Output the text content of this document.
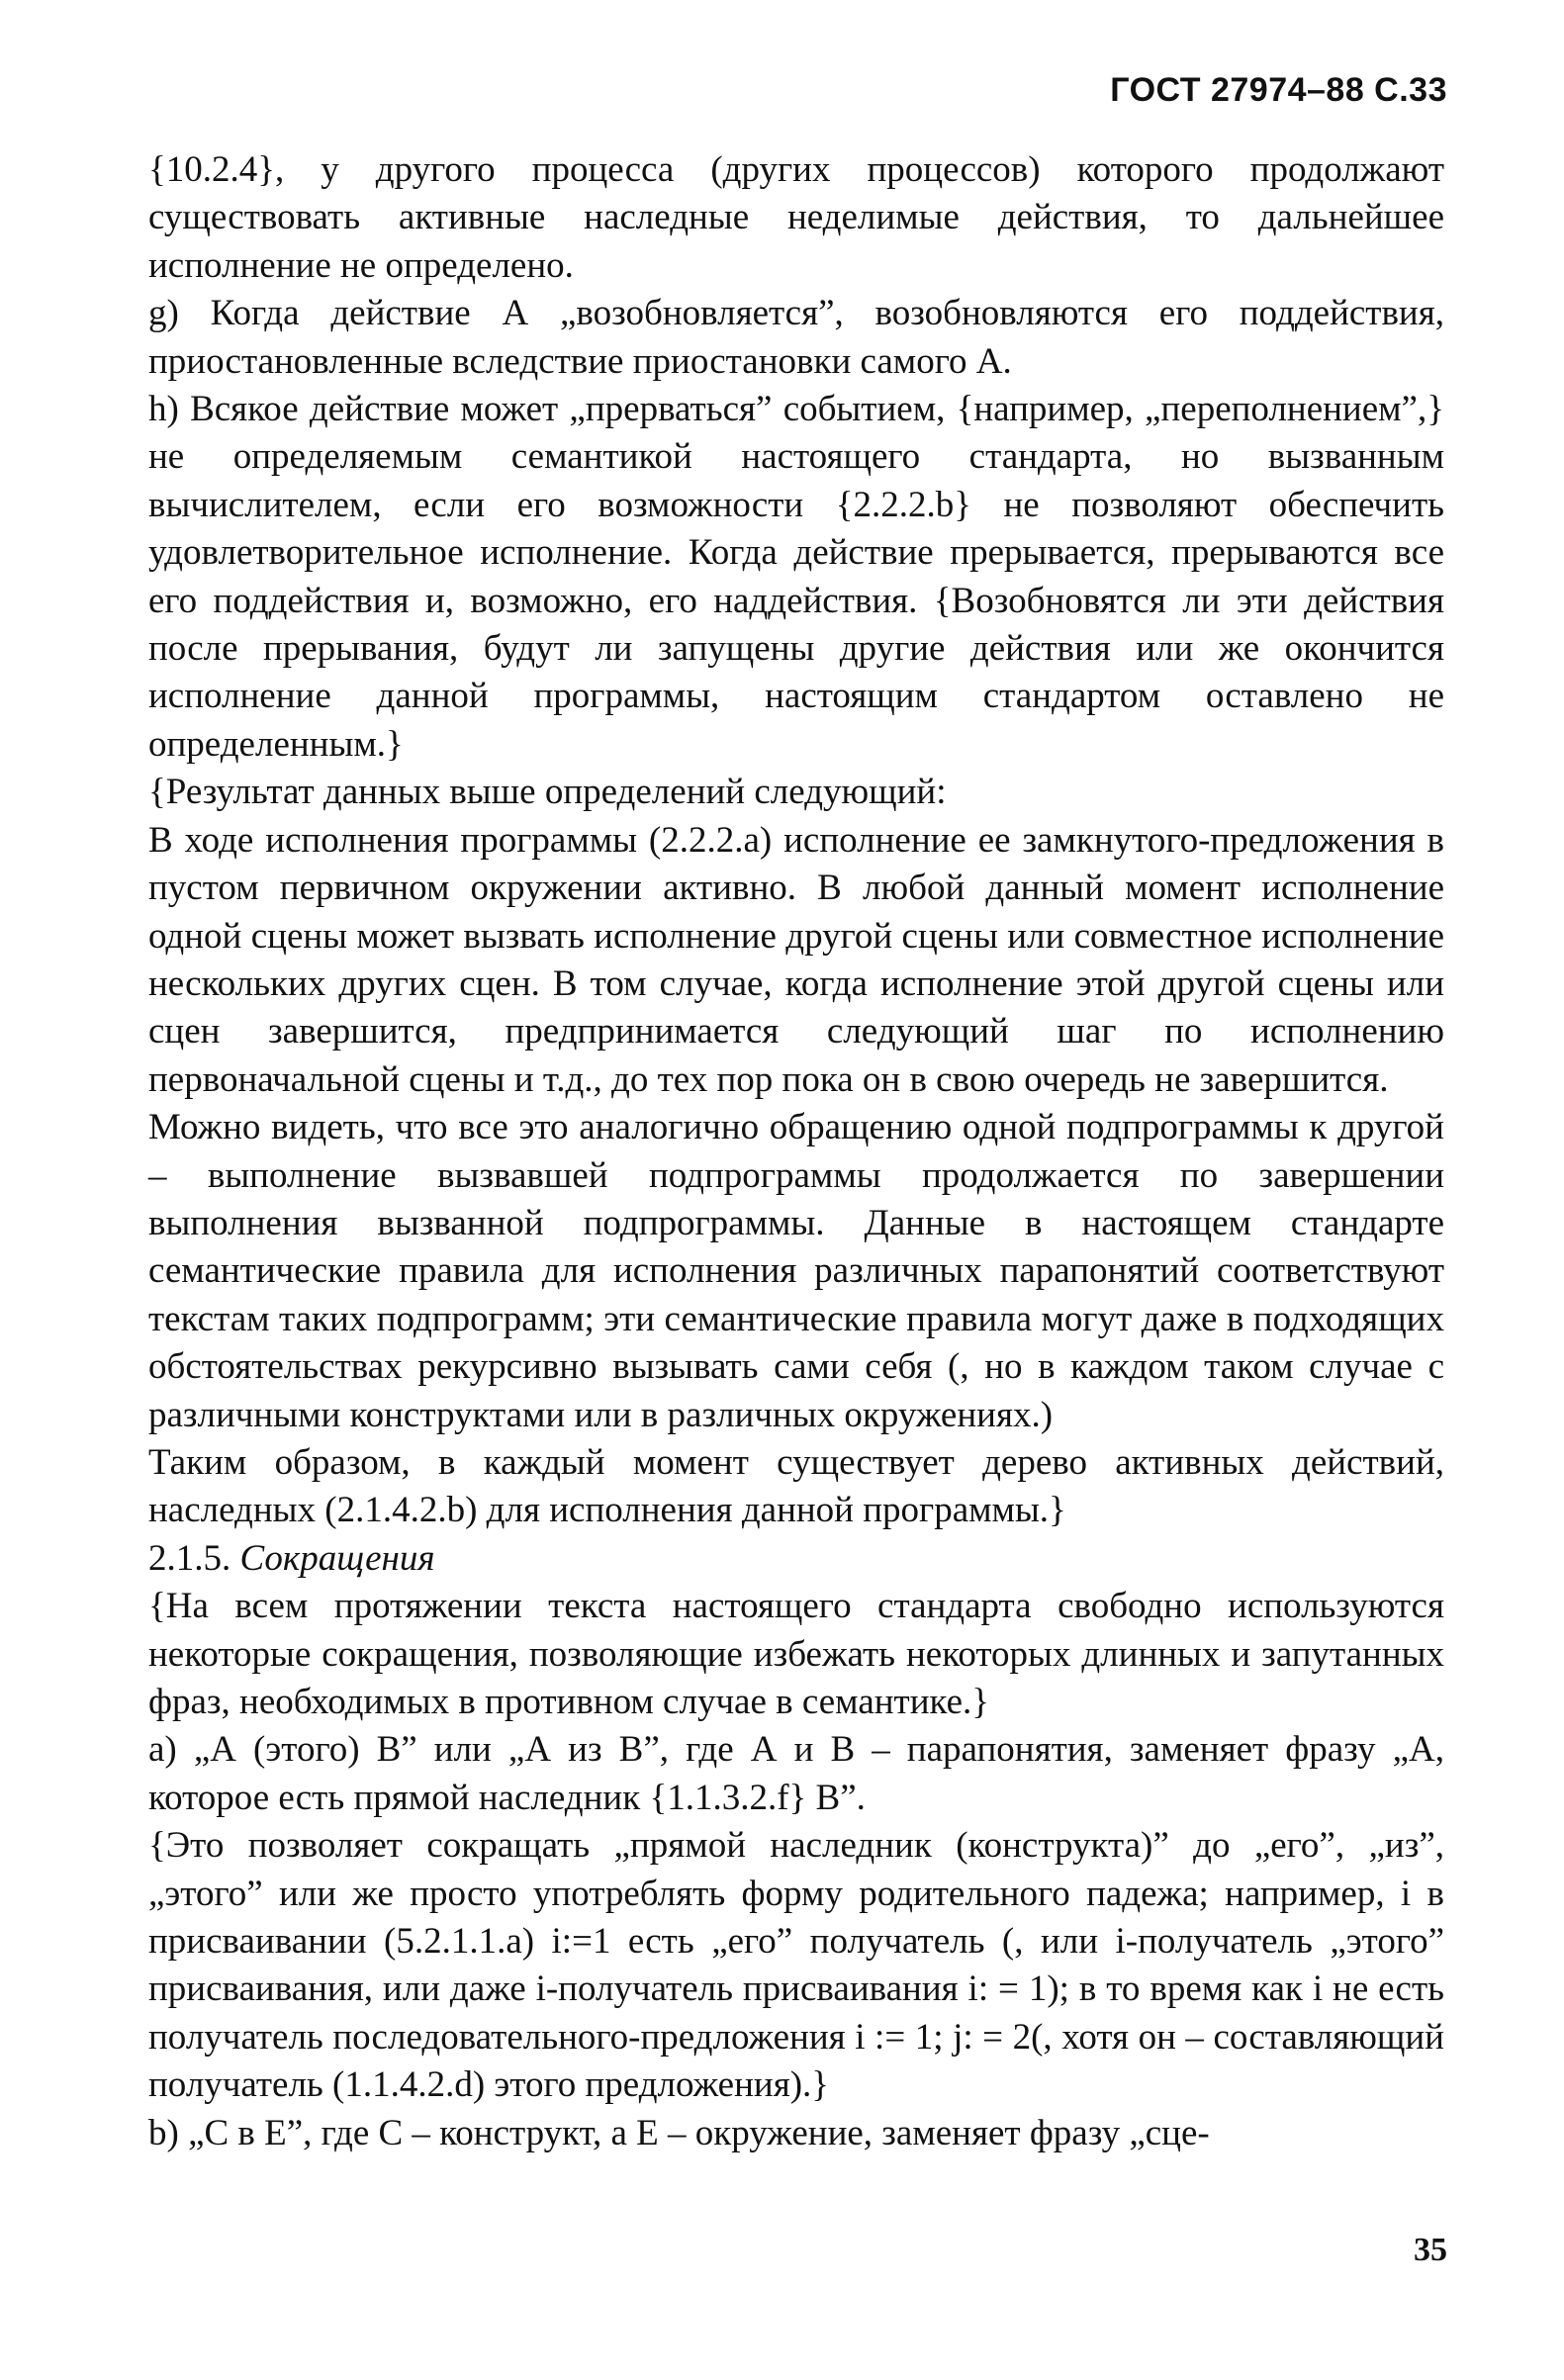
ГОСТ 27974–88 С.33

{10.2.4}, у другого процесса (других процессов) которого продолжают существовать активные наследные неделимые действия, то дальнейшее исполнение не определено.

g) Когда действие А „возобновляется”, возобновляются его поддействия, приостановленные вследствие приостановки самого А.

h) Всякое действие может „прерваться” событием, {например, „переполнением”,} не определяемым семантикой настоящего стандарта, но вызванным вычислителем, если его возможности {2.2.2.b} не позволяют обеспечить удовлетворительное исполнение. Когда действие прерывается, прерываются все его поддействия и, возможно, его наддействия. {Возобновятся ли эти действия после прерывания, будут ли запущены другие действия или же окончится исполнение данной программы, настоящим стандартом оставлено не определенным.}

{Результат данных выше определений следующий:

В ходе исполнения программы (2.2.2.a) исполнение ее замкнутого-предложения в пустом первичном окружении активно. В любой данный момент исполнение одной сцены может вызвать исполнение другой сцены или совместное исполнение нескольких других сцен. В том случае, когда исполнение этой другой сцены или сцен завершится, предпринимается следующий шаг по исполнению первоначальной сцены и т.д., до тех пор пока он в свою очередь не завершится.

Можно видеть, что все это аналогично обращению одной подпрограммы к другой – выполнение вызвавшей подпрограммы продолжается по завершении выполнения вызванной подпрограммы. Данные в настоящем стандарте семантические правила для исполнения различных парапонятий соответствуют текстам таких подпрограмм; эти семантические правила могут даже в подходящих обстоятельствах рекурсивно вызывать сами себя (, но в каждом таком случае с различными конструктами или в различных окружениях.)

Таким образом, в каждый момент существует дерево активных действий, наследных (2.1.4.2.b) для исполнения данной программы.}

2.1.5. Сокращения

{На всем протяжении текста настоящего стандарта свободно используются некоторые сокращения, позволяющие избежать некоторых длинных и запутанных фраз, необходимых в противном случае в семантике.}

a) „А (этого) В” или „А из В”, где А и В – парапонятия, заменяет фразу „А, которое есть прямой наследник {1.1.3.2.f} В”.

{Это позволяет сокращать „прямой наследник (конструкта)” до „его”, „из”, „этого” или же просто употреблять форму родительного падежа; например, i в присваивании (5.2.1.1.a) i:=1 есть „его” получатель (, или i-получатель „этого” присваивания, или даже i-получатель присваивания i: = 1); в то время как i не есть получатель последовательного-предложения i := 1; j: = 2(, хотя он – составляющий получатель (1.1.4.2.d) этого предложения).}

b) „С в Е”, где С – конструкт, а Е – окружение, заменяет фразу „сце-

35
